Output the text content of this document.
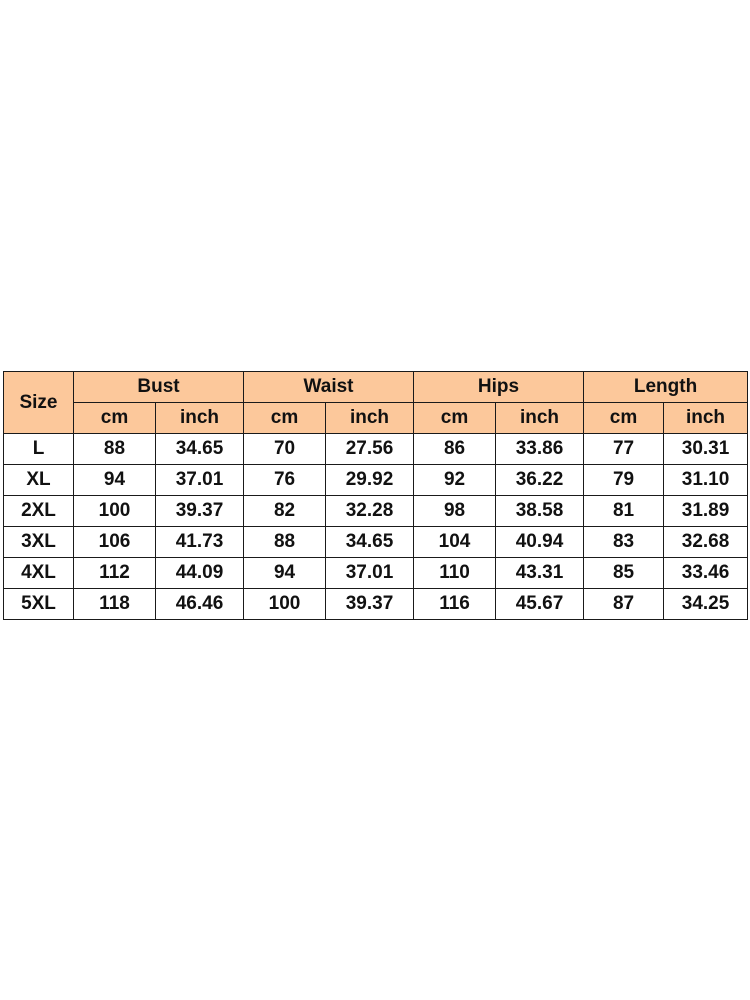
Size	Bust		Waist		Hips		Length	
	cm	inch	cm	inch	cm	inch	cm	inch
L	88	34.65	70	27.56	86	33.86	77	30.31
XL	94	37.01	76	29.92	92	36.22	79	31.10
2XL	100	39.37	82	32.28	98	38.58	81	31.89
3XL	106	41.73	88	34.65	104	40.94	83	32.68
4XL	112	44.09	94	37.01	110	43.31	85	33.46
5XL	118	46.46	100	39.37	116	45.67	87	34.25
